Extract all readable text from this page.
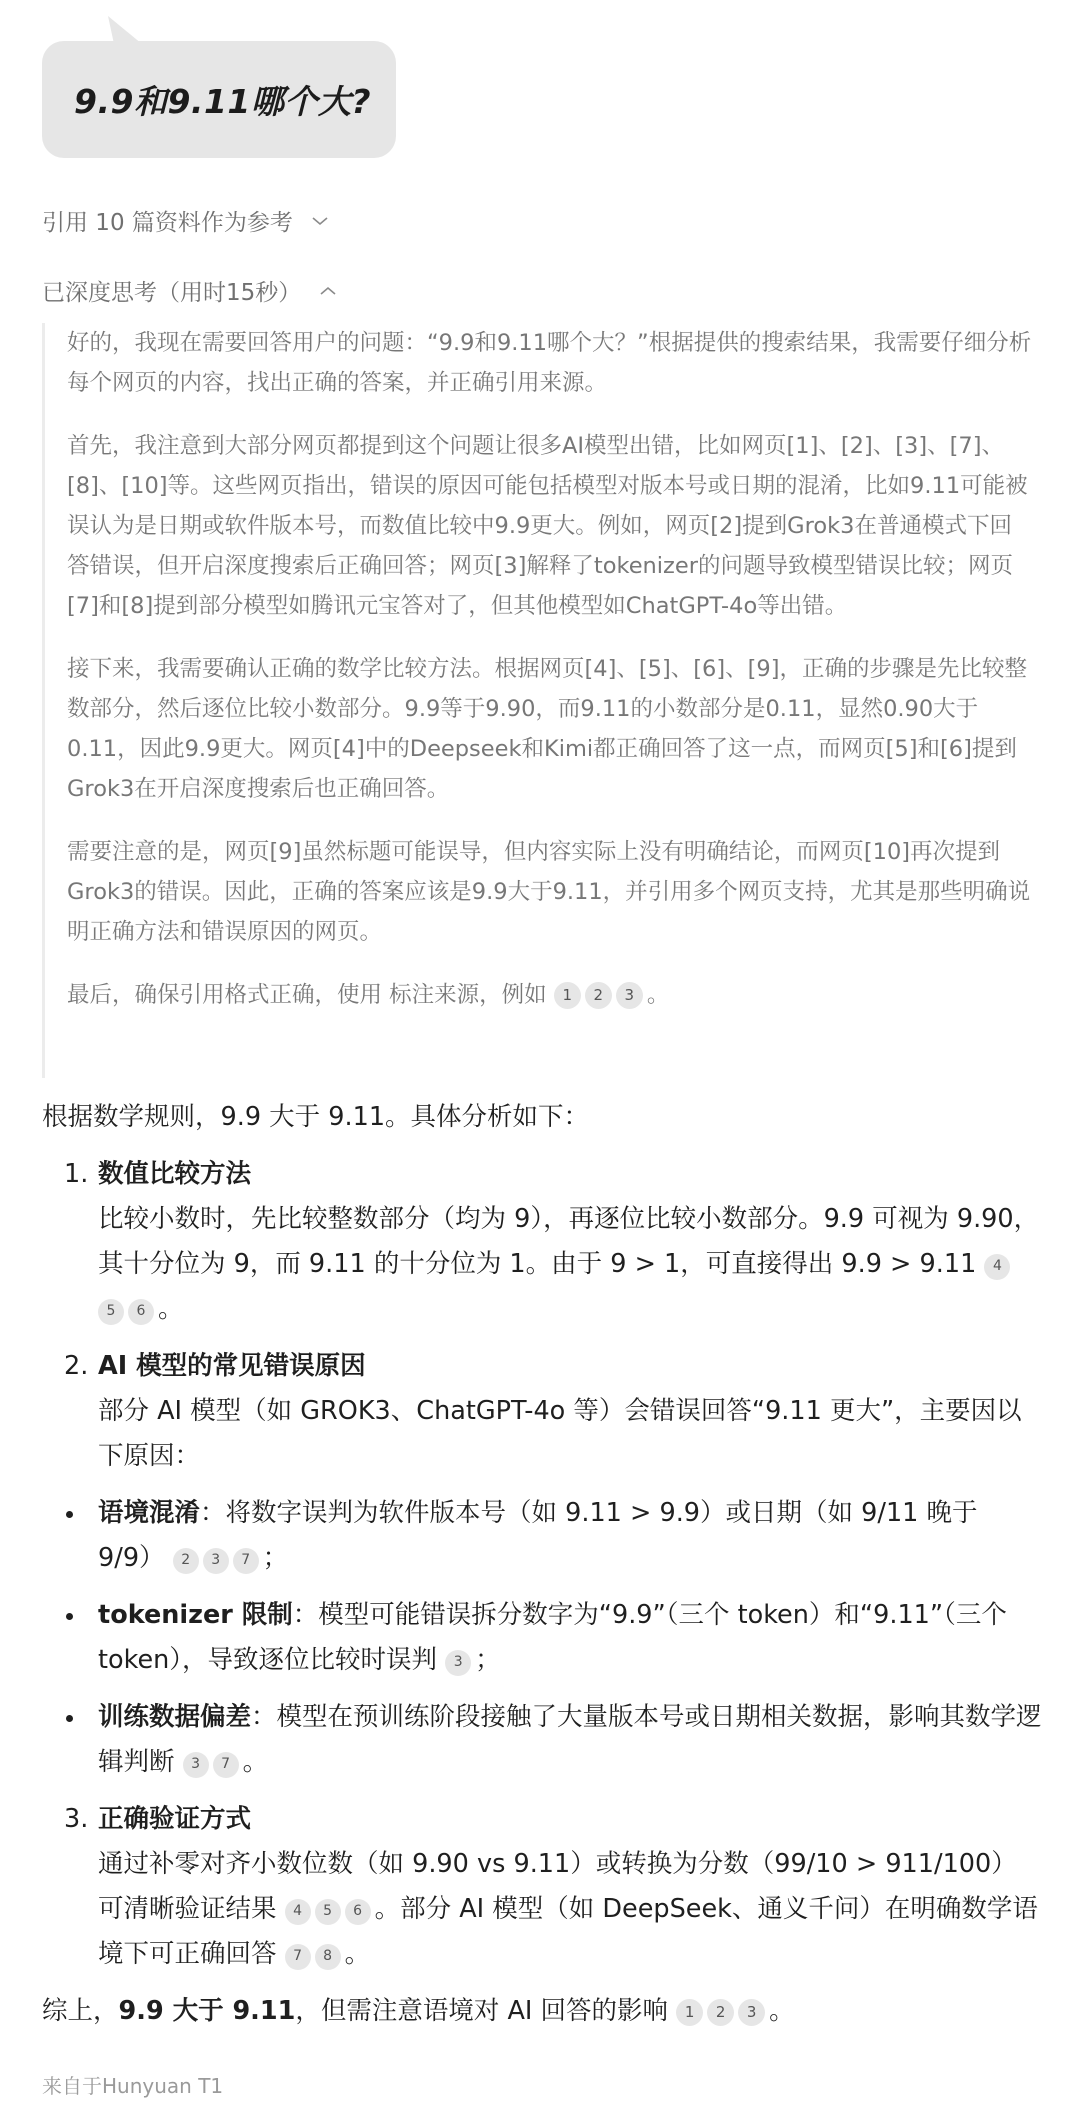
9.9和9.11哪个大?
引用 10 篇资料作为参考
已深度思考（用时15秒）

好的，我现在需要回答用户的问题：“9.9和9.11哪个大？”根据提供的搜索结果，我需要仔细分析每个网页的内容，找出正确的答案，并正确引用来源。

首先，我注意到大部分网页都提到这个问题让很多AI模型出错，比如网页[1]、[2]、[3]、[7]、[8]、[10]等。这些网页指出，错误的原因可能包括模型对版本号或日期的混淆，比如9.11可能被误认为是日期或软件版本号，而数值比较中9.9更大。例如，网页[2]提到Grok3在普通模式下回答错误，但开启深度搜索后正确回答；网页[3]解释了tokenizer的问题导致模型错误比较；网页[7]和[8]提到部分模型如腾讯元宝答对了，但其他模型如ChatGPT-4o等出错。

接下来，我需要确认正确的数学比较方法。根据网页[4]、[5]、[6]、[9]，正确的步骤是先比较整数部分，然后逐位比较小数部分。9.9等于9.90，而9.11的小数部分是0.11，显然0.90大于0.11，因此9.9更大。网页[4]中的Deepseek和Kimi都正确回答了这一点，而网页[5]和[6]提到Grok3在开启深度搜索后也正确回答。

需要注意的是，网页[9]虽然标题可能误导，但内容实际上没有明确结论，而网页[10]再次提到Grok3的错误。因此，正确的答案应该是9.9大于9.11，并引用多个网页支持，尤其是那些明确说明正确方法和错误原因的网页。

最后，确保引用格式正确，使用 标注来源，例如 1 2 3 。

根据数学规则，9.9 大于 9.11。具体分析如下：
1. 数值比较方法
比较小数时，先比较整数部分（均为 9），再逐位比较小数部分。9.9 可视为 9.90，其十分位为 9，而 9.11 的十分位为 1。由于 9 > 1，可直接得出 9.9 > 9.11 45 6 。
2. AI 模型的常见错误原因
部分 AI 模型（如 GROK3、ChatGPT-4o 等）会错误回答“9.11 更大”，主要因以下原因：
语境混淆：将数字误判为软件版本号（如 9.11 > 9.9）或日期（如 9/11 晚于 9/9） 2 3 7 ；
tokenizer 限制：模型可能错误拆分数字为“9.9”（三个 token）和“9.11”（三个 token），导致逐位比较时误判 3 ；
训练数据偏差：模型在预训练阶段接触了大量版本号或日期相关数据，影响其数学逻辑判断 3 7 。
3. 正确验证方式
通过补零对齐小数位数（如 9.90 vs 9.11）或转换为分数（99/10 > 911/100）可清晰验证结果 4 5 6 。部分 AI 模型（如 DeepSeek、通义千问）在明确数学语境下可正确回答 7 8 。
综上，9.9 大于 9.11，但需注意语境对 AI 回答的影响 1 2 3 。
来自于Hunyuan T1
